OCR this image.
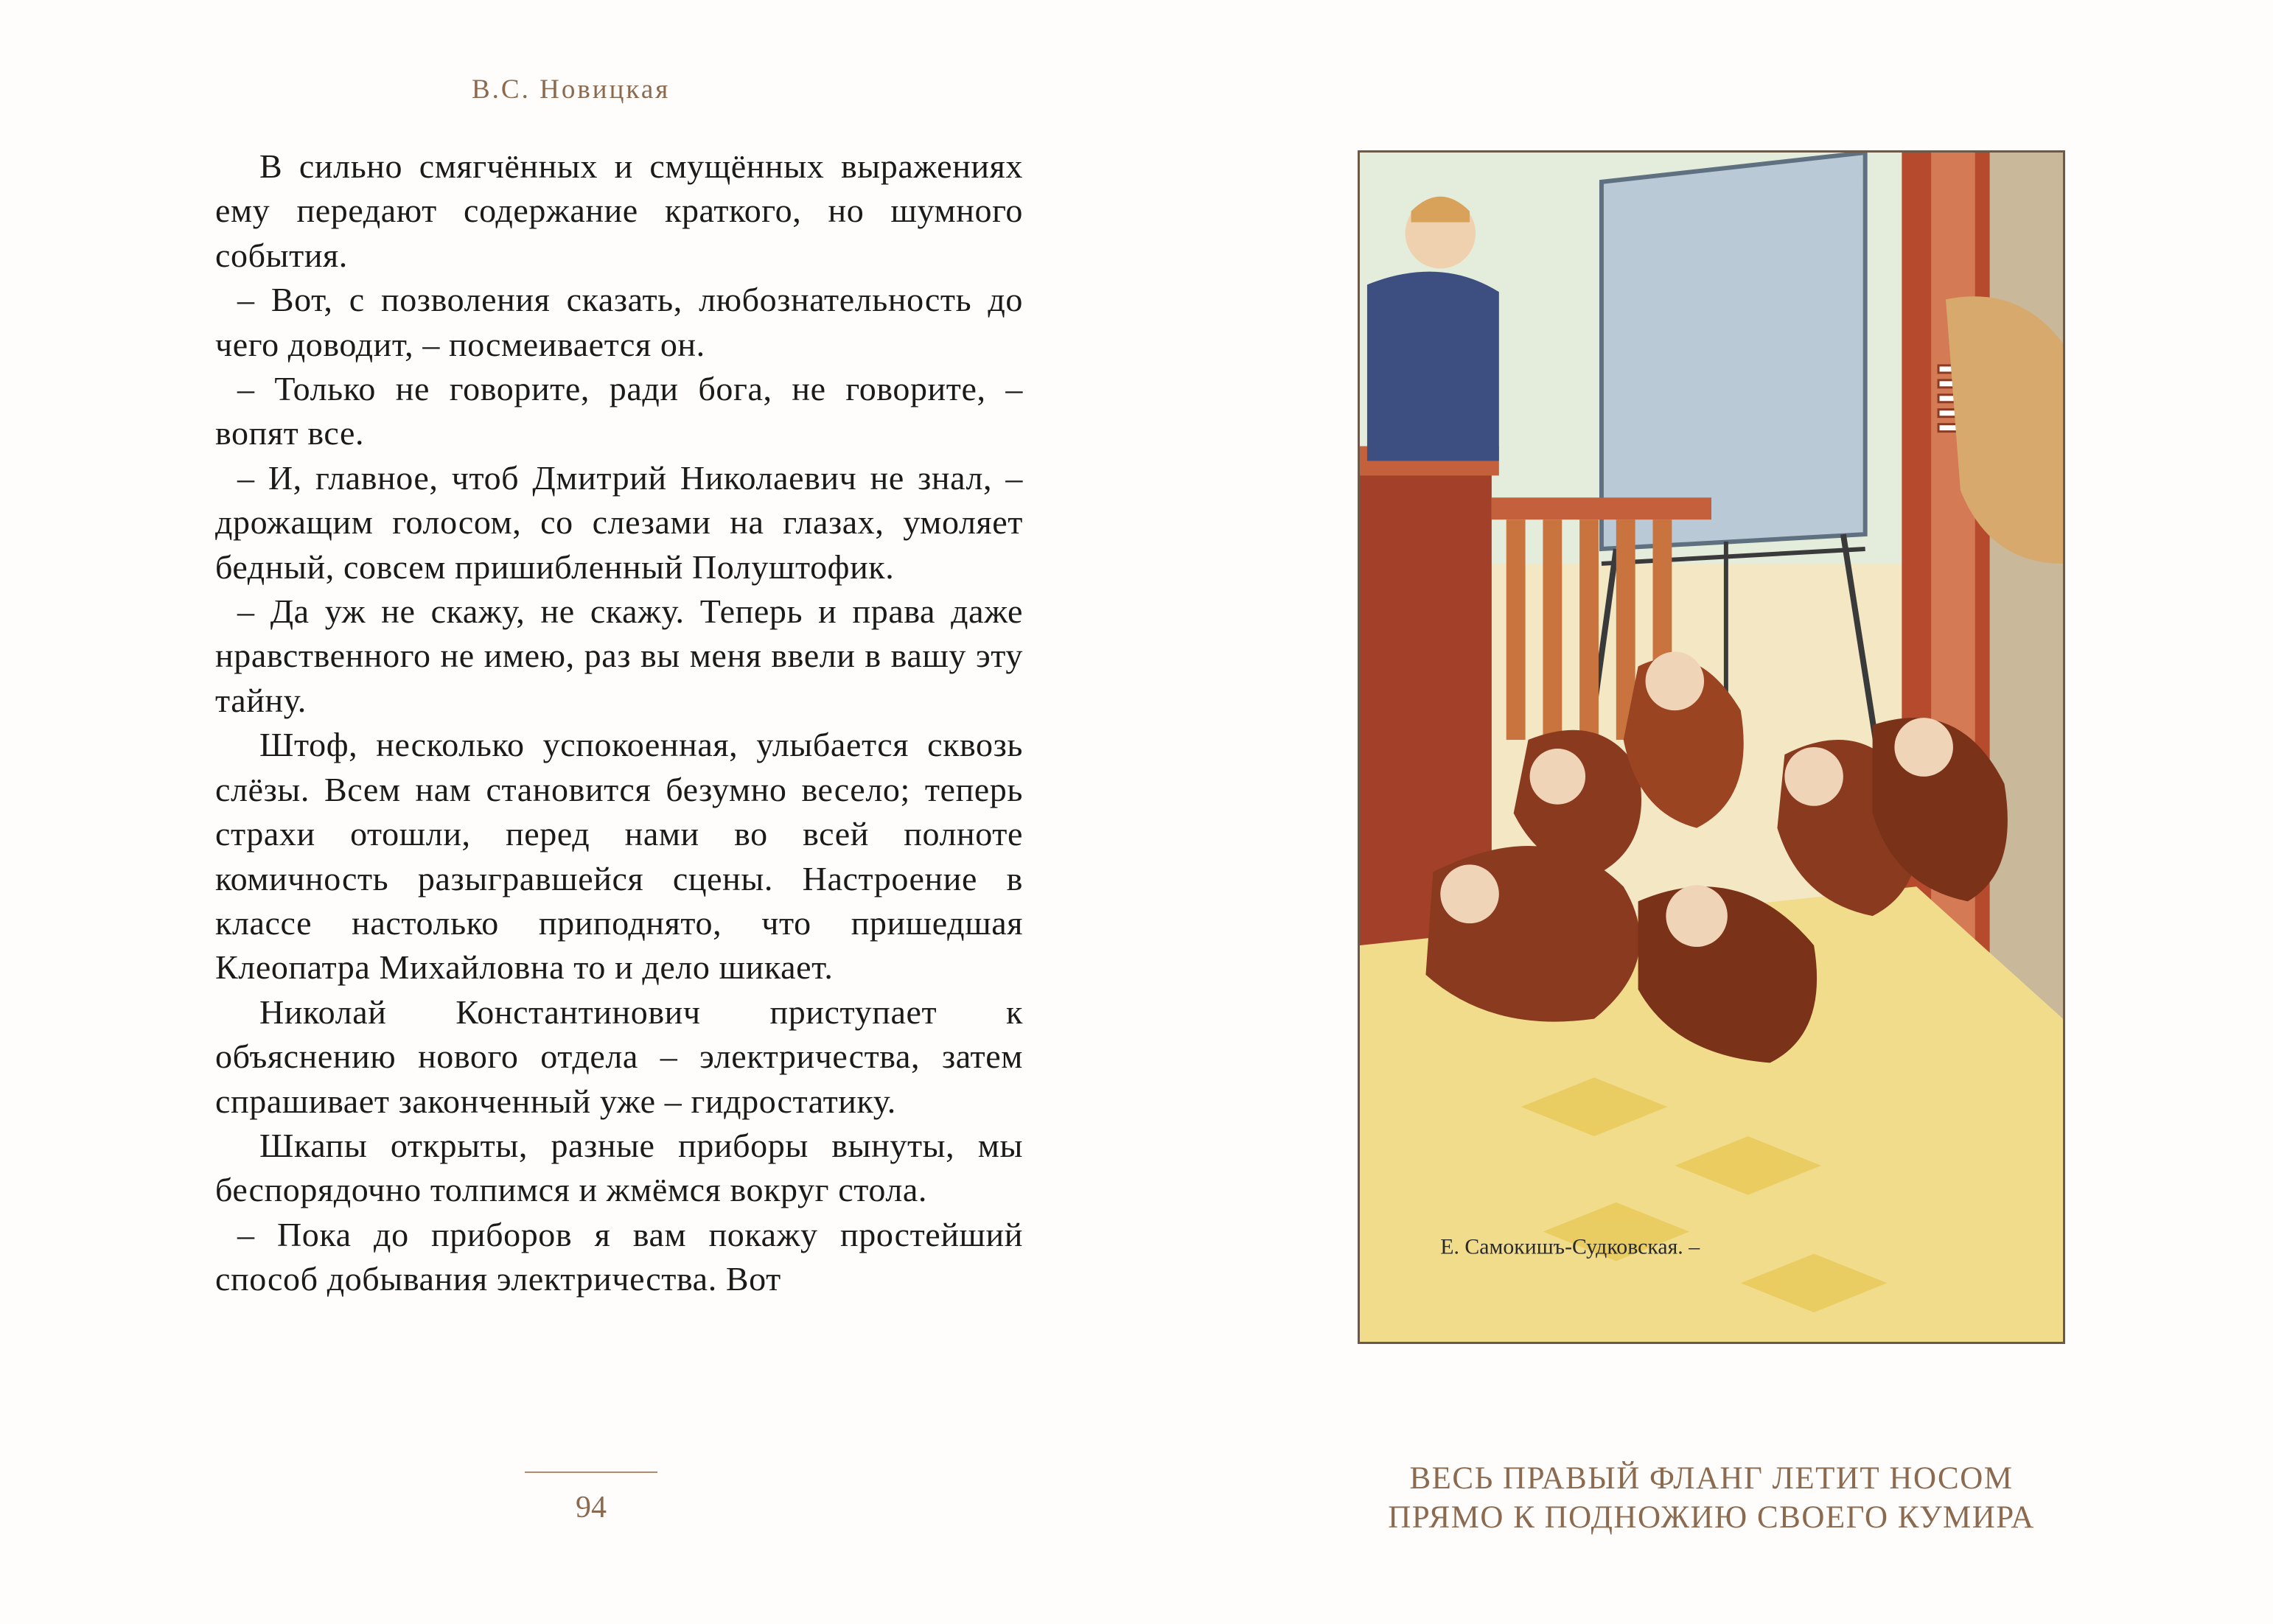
В.С. Новицкая

В сильно смягчённых и смущённых выражениях ему передают содержание краткого, но шумного события.

– Вот, с позволения сказать, любознательность до чего доводит, – посмеивается он.

– Только не говорите, ради бога, не говорите, – вопят все.

– И, главное, чтоб Дмитрий Николаевич не знал, – дрожащим голосом, со слезами на глазах, умоляет бедный, совсем пришибленный Полуштофик.

– Да уж не скажу, не скажу. Теперь и права даже нравственного не имею, раз вы меня ввели в вашу эту тайну.

Штоф, несколько успокоенная, улыбается сквозь слёзы. Всем нам становится безумно весело; теперь страхи отошли, перед нами во всей полноте комичность разыгравшейся сцены. Настроение в классе настолько приподнято, что пришедшая Клеопатра Михайловна то и дело шикает.

Николай Константинович приступает к объяснению нового отдела – электричества, затем спрашивает законченный уже – гидростатику.

Шкапы открыты, разные приборы вынуты, мы беспорядочно толпимся и жмёмся вокруг стола.

– Пока до приборов я вам покажу простейший способ добывания электричества. Вот

94
Е. Самокишъ-Судковская. –
ВЕСЬ ПРАВЫЙ ФЛАНГ ЛЕТИТ НОСОМ
ПРЯМО К ПОДНОЖИЮ СВОЕГО КУМИРА
